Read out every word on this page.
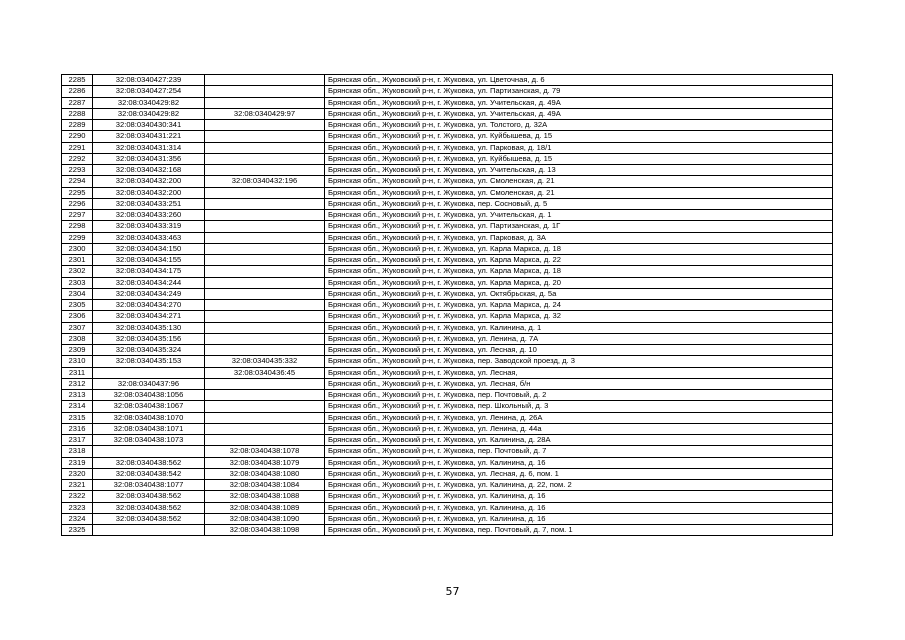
2285	32:08:0340427:239		Брянская обл., Жуковский р-н, г. Жуковка, ул. Цветочная, д. 6
2286	32:08:0340427:254		Брянская обл., Жуковский р-н, г. Жуковка, ул. Партизанская, д. 79
2287	32:08:0340429:82		Брянская обл., Жуковский р-н, г. Жуковка, ул. Учительская, д. 49А
2288	32:08:0340429:82	32:08:0340429:97	Брянская обл., Жуковский р-н, г. Жуковка, ул. Учительская, д. 49А
2289	32:08:0340430:341		Брянская обл., Жуковский р-н, г. Жуковка, ул. Толстого, д. 32А
2290	32:08:0340431:221		Брянская обл., Жуковский р-н, г. Жуковка, ул. Куйбышева, д. 15
2291	32:08:0340431:314		Брянская обл., Жуковский р-н, г. Жуковка, ул. Парковая, д. 18/1
2292	32:08:0340431:356		Брянская обл., Жуковский р-н, г. Жуковка, ул. Куйбышева, д. 15
2293	32:08:0340432:168		Брянская обл., Жуковский р-н, г. Жуковка, ул. Учительская, д. 13
2294	32:08:0340432:200	32:08:0340432:196	Брянская обл., Жуковский р-н, г. Жуковка, ул. Смоленская, д. 21
2295	32:08:0340432:200		Брянская обл., Жуковский р-н, г. Жуковка, ул. Смоленская, д. 21
2296	32:08:0340433:251		Брянская обл., Жуковский р-н, г. Жуковка, пер. Сосновый, д. 5
2297	32:08:0340433:260		Брянская обл., Жуковский р-н, г. Жуковка, ул. Учительская, д. 1
2298	32:08:0340433:319		Брянская обл., Жуковский р-н, г. Жуковка, ул. Партизанская, д. 1Г
2299	32:08:0340433:463		Брянская обл., Жуковский р-н, г. Жуковка, ул. Парковая, д. 3А
2300	32:08:0340434:150		Брянская обл., Жуковский р-н, г. Жуковка, ул. Карла Маркса, д. 18
2301	32:08:0340434:155		Брянская обл., Жуковский р-н, г. Жуковка, ул. Карла Маркса, д. 22
2302	32:08:0340434:175		Брянская обл., Жуковский р-н, г. Жуковка, ул. Карла Маркса, д. 18
2303	32:08:0340434:244		Брянская обл., Жуковский р-н, г. Жуковка, ул. Карла Маркса, д. 20
2304	32:08:0340434:249		Брянская обл., Жуковский р-н, г. Жуковка, ул. Октябрьская, д. 5а
2305	32:08:0340434:270		Брянская обл., Жуковский р-н, г. Жуковка, ул. Карла Маркса, д. 24
2306	32:08:0340434:271		Брянская обл., Жуковский р-н, г. Жуковка, ул. Карла Маркса, д. 32
2307	32:08:0340435:130		Брянская обл., Жуковский р-н, г. Жуковка, ул. Калинина, д. 1
2308	32:08:0340435:156		Брянская обл., Жуковский р-н, г. Жуковка, ул. Ленина, д. 7А
2309	32:08:0340435:324		Брянская обл., Жуковский р-н, г. Жуковка, ул. Лесная, д. 10
2310	32:08:0340435:153	32:08:0340435:332	Брянская обл., Жуковский р-н, г. Жуковка, пер. Заводской проезд, д. 3
2311		32:08:0340436:45	Брянская обл., Жуковский р-н, г. Жуковка, ул. Лесная,
2312	32:08:0340437:96		Брянская обл., Жуковский р-н, г. Жуковка, ул. Лесная, б/н
2313	32:08:0340438:1056		Брянская обл., Жуковский р-н, г. Жуковка, пер. Почтовый, д. 2
2314	32:08:0340438:1067		Брянская обл., Жуковский р-н, г. Жуковка, пер. Школьный, д. 3
2315	32:08:0340438:1070		Брянская обл., Жуковский р-н, г. Жуковка, ул. Ленина, д. 26А
2316	32:08:0340438:1071		Брянская обл., Жуковский р-н, г. Жуковка, ул. Ленина, д. 44а
2317	32:08:0340438:1073		Брянская обл., Жуковский р-н, г. Жуковка, ул. Калинина, д. 28А
2318		32:08:0340438:1078	Брянская обл., Жуковский р-н, г. Жуковка, пер. Почтовый, д. 7
2319	32:08:0340438:562	32:08:0340438:1079	Брянская обл., Жуковский р-н, г. Жуковка, ул. Калинина, д. 16
2320	32:08:0340438:542	32:08:0340438:1080	Брянская обл., Жуковский р-н, г. Жуковка, ул. Лесная, д. 6, пом. 1
2321	32:08:0340438:1077	32:08:0340438:1084	Брянская обл., Жуковский р-н, г. Жуковка, ул. Калинина, д. 22, пом. 2
2322	32:08:0340438:562	32:08:0340438:1088	Брянская обл., Жуковский р-н, г. Жуковка, ул. Калинина, д. 16
2323	32:08:0340438:562	32:08:0340438:1089	Брянская обл., Жуковский р-н, г. Жуковка, ул. Калинина, д. 16
2324	32:08:0340438:562	32:08:0340438:1090	Брянская обл., Жуковский р-н, г. Жуковка, ул. Калинина, д. 16
2325		32:08:0340438:1098	Брянская обл., Жуковский р-н, г. Жуковка, пер. Почтовый, д. 7, пом. 1
57
